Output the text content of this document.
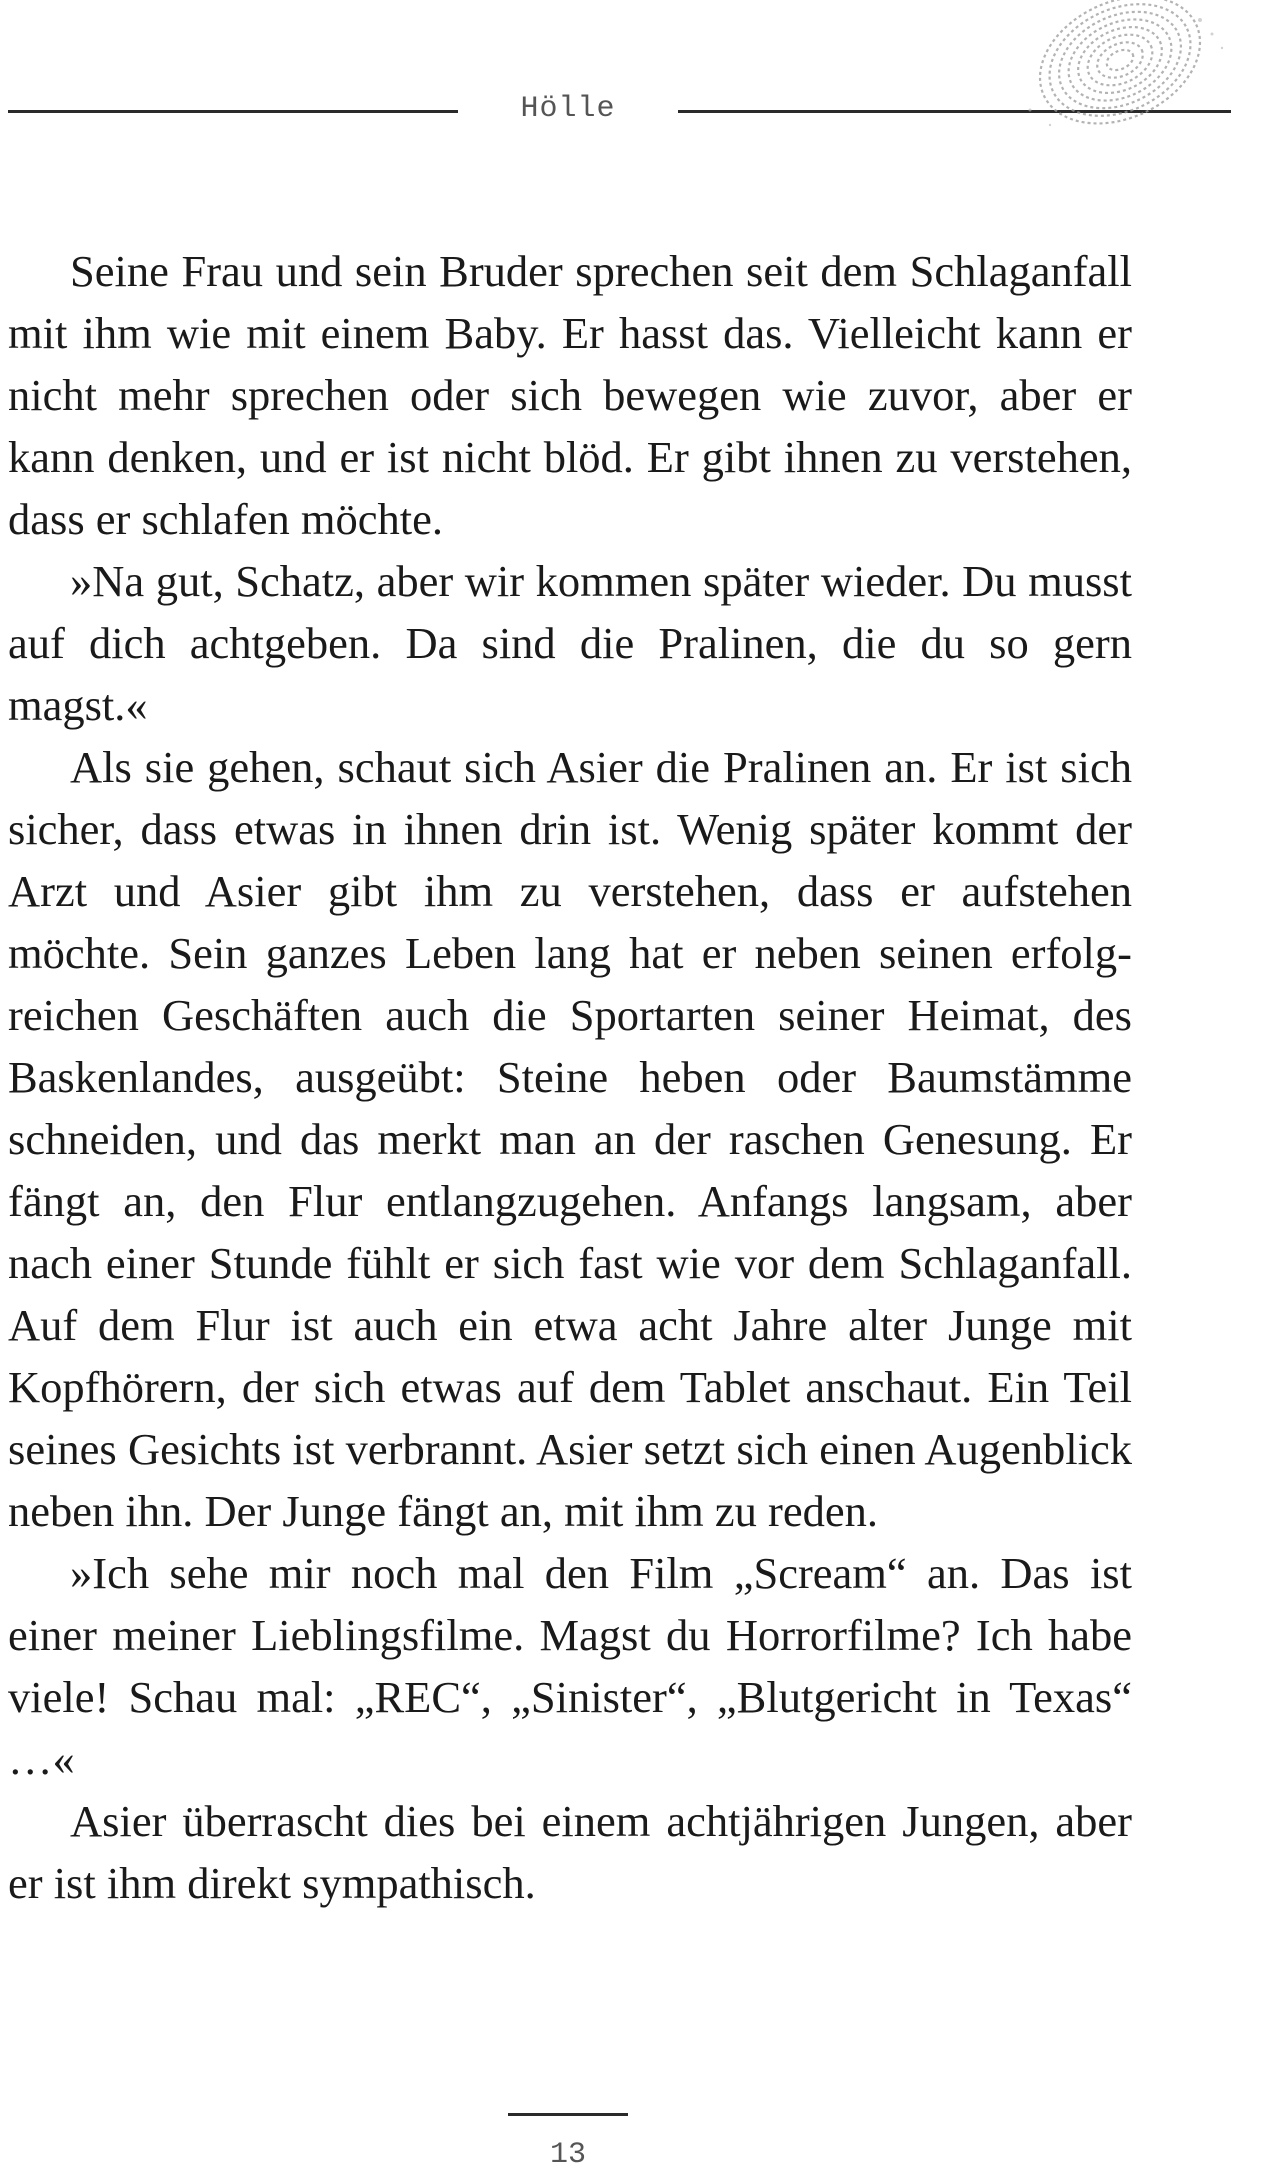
Hölle

Seine Frau und sein Bruder sprechen seit dem Schlaganfall mit ihm wie mit einem Baby. Er hasst das. Vielleicht kann er nicht mehr sprechen oder sich bewegen wie zuvor, aber er kann denken, und er ist nicht blöd. Er gibt ihnen zu verstehen, dass er schlafen möchte.

»Na gut, Schatz, aber wir kommen später wieder. Du musst auf dich achtgeben. Da sind die Pralinen, die du so gern magst.«

Als sie gehen, schaut sich Asier die Pralinen an. Er ist sich sicher, dass etwas in ihnen drin ist. Wenig später kommt der Arzt und Asier gibt ihm zu verstehen, dass er aufstehen möchte. Sein ganzes Leben lang hat er neben seinen erfolgreichen Geschäften auch die Sportarten seiner Heimat, des Baskenlandes, ausgeübt: Steine heben oder Baumstämme schneiden, und das merkt man an der raschen Genesung. Er fängt an, den Flur entlangzugehen. Anfangs langsam, aber nach einer Stunde fühlt er sich fast wie vor dem Schlaganfall. Auf dem Flur ist auch ein etwa acht Jahre alter Junge mit Kopfhörern, der sich etwas auf dem Tablet anschaut. Ein Teil seines Gesichts ist verbrannt. Asier setzt sich einen Augenblick neben ihn. Der Junge fängt an, mit ihm zu reden.

»Ich sehe mir noch mal den Film „Scream“ an. Das ist einer meiner Lieblingsfilme. Magst du Horrorfilme? Ich habe viele! Schau mal: „REC“, „Sinister“, „Blutgericht in Texas“ …«

Asier überrascht dies bei einem achtjährigen Jungen, aber er ist ihm direkt sympathisch.

13
